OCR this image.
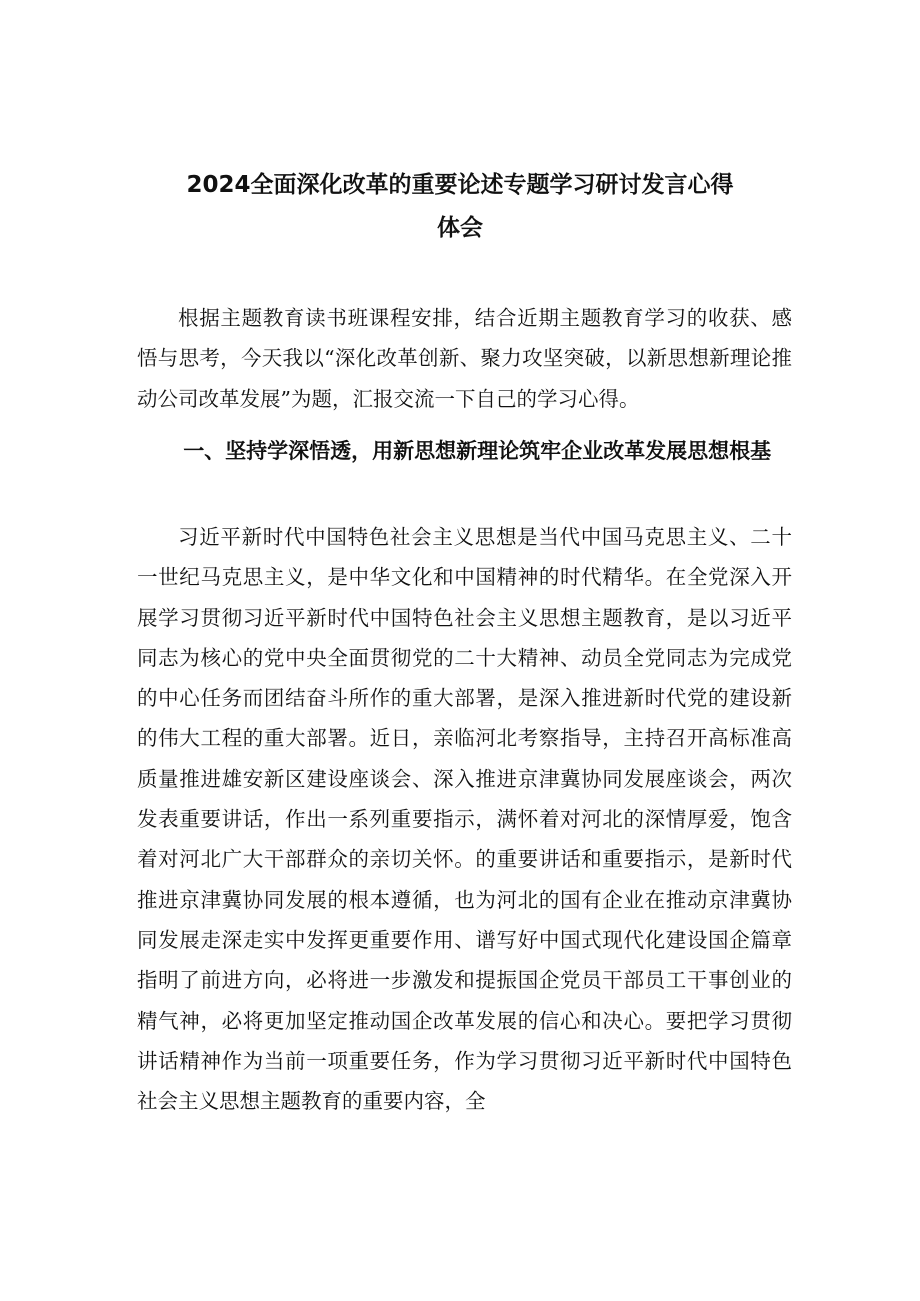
2024全面深化改革的重要论述专题学习研讨发言心得
体会

根据主题教育读书班课程安排，结合近期主题教育学习的收获、感悟与思考，今天我以“深化改革创新、聚力攻坚突破，以新思想新理论推动公司改革发展”为题，汇报交流一下自己的学习心得。

一、坚持学深悟透，用新思想新理论筑牢企业改革发展思想根基

习近平新时代中国特色社会主义思想是当代中国马克思主义、二十一世纪马克思主义，是中华文化和中国精神的时代精华。在全党深入开展学习贯彻习近平新时代中国特色社会主义思想主题教育，是以习近平同志为核心的党中央全面贯彻党的二十大精神、动员全党同志为完成党的中心任务而团结奋斗所作的重大部署，是深入推进新时代党的建设新的伟大工程的重大部署。近日，亲临河北考察指导，主持召开高标准高质量推进雄安新区建设座谈会、深入推进京津冀协同发展座谈会，两次发表重要讲话，作出一系列重要指示，满怀着对河北的深情厚爱，饱含着对河北广大干部群众的亲切关怀。的重要讲话和重要指示，是新时代推进京津冀协同发展的根本遵循，也为河北的国有企业在推动京津冀协同发展走深走实中发挥更重要作用、谱写好中国式现代化建设国企篇章指明了前进方向，必将进一步激发和提振国企党员干部员工干事创业的精气神，必将更加坚定推动国企改革发展的信心和决心。要把学习贯彻讲话精神作为当前一项重要任务，作为学习贯彻习近平新时代中国特色社会主义思想主题教育的重要内容，全
